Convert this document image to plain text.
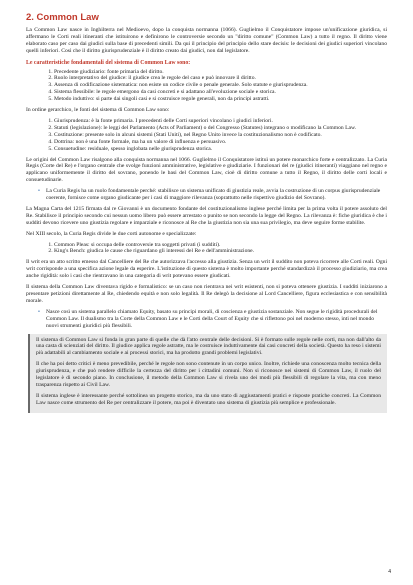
2. Common Law

La Common Law nasce in Inghilterra nel Medioevo, dopo la conquista normanna (1066). Guglielmo il Conquistatore impose un'unificazione giuridica, si affermano le Corti reali itineranti che istituirono e definirono le controversie secondo un "diritto comune" (Common Law) a tutto il regno. Il diritto viene elaborato caso per caso dai giudici sulla base di precedenti simili. Da qui il principio del principio dello stare decisis: le decisioni dei giudici superiori vincolano quelli inferiori. Così che il diritto giurisprudenziale è il diritto creato dai giudici, non dal legislatore.

Le caratteristiche fondamentali del sistema di Common Law sono:

1. Precedente giudiziario: fonte primaria del diritto.
2. Ruolo interpretativo del giudice: il giudice crea le regole del caso e può innovare il diritto.
3. Assenza di codificazione sistematica: non esiste un codice civile o penale generale. Solo statute e giurisprudenza.
4. Sistema flessibile: le regole emergono da casi concreti e si adattano all'evoluzione sociale e storica.
5. Metodo induttivo: si parte dai singoli casi e si costruisce regole generali, non da principi astratti.

In ordine gerarchico, le fonti del sistema di Common Law sono:

1. Giurisprudenza: è la fonte primaria. I precedenti delle Corti superiori vincolano i giudici inferiori.
2. Statuti (legislazione): le leggi del Parlamento (Acts of Parliament) o del Congresso (Statutes) integrano o modificano la Common Law.
3. Costituzione: presente solo in alcuni sistemi (Stati Uniti), nel Regno Unito invece la costituzionalismo non è codificato.
4. Dottrina: non è una fonte formale, ma ha un valore di influenza e persuasivo.
5. Consuetudine: residuale, spesso inglobata nelle giurisprudenza storica.

Le origini del Common Law risalgono alla conquista normanna nel 1066. Guglielmo il Conquistatore istituì un potere monarchico forte e centralizzato. La Curia Regis (Corte del Re) e l'organo centrale che svolge funzioni amministrative, legislative e giudiziarie. I funzionari del re (giudici itineranti) viaggiano nel regno e applicano uniformemente il diritto del sovrano, ponendo le basi del Common Law, cioè di diritto comune a tutto il Regno, il diritto delle corti locali e consuetudinarie.

• La Curia Regis ha un ruolo fondamentale perché: stabilisce un sistema unificato di giustizia reale, avvia la costruzione di un corpus giurisprudenziale coerente, fornisce come organo giudicante per i casi di maggiore rilevanza (soprattutto nelle rispettivo giudizio del Sovrano).

La Magna Carta del 1215 firmata dal re Giovanni è un documento fondante del costituzionalismo inglese perché limita per la prima volta il potere assoluto del Re. Stabilisce il principio secondo cui nessun uomo libero può essere arrestato o punito se non secondo la legge del Regno. La rilevanza è: fiche giuridica è che i sudditi devono ricevere uno giustizia regolare e imparziale e riconosce al Re che la giustizia non sia una sua privilegio, ma deve seguire forme stabilite.

Nel XIII secolo, la Curia Regis divide le due corti autonome e specializzate:

1. Common Pleas: si occupa delle controversie tra soggetti privati (i sudditi).
2. King's Bench: giudica le cause che riguardano gli interessi del Re e dell'amministrazione.

Il writ era un atto scritto emesso dal Cancelliere del Re che autorizzava l'accesso alla giustizia. Senza un writ il suddito non poteva ricorrere alle Corti reali. Ogni writ corrisponde a una specifica azione legale da esperire. L'istituzione di questo sistema è molto importante perché standardizzò il processo giudiziario, ma crea anche rigidità: solo i casi che rientravano in una categoria di writ potevano essere giudicati.

Il sistema della Common Law diventava rigido e formalistico: se un caso non rientrava nei writ esistenti, non si poteva ottenere giustizia. I sudditi iniziarono a presentare petizioni direttamente al Re, chiedendo equità e non solo legalità. Il Re delegò la decisione al Lord Cancelliere, figura ecclesiastica e con sensibilità morale.

• Nasce così un sistema parallelo chiamato Equity, basato su principi morali, di coscienza e giustizia sostanziale. Non segue le rigidità procedurali del Common Law. Il dualismo tra la Corte della Common Law e le Corti della Court of Equity che si riflettono poi nel moderno stesso, inti nel mondo nuovi strumenti giuridici più flessibili.

Il sistema di Common Law si fonda in gran parte di quelle che dà l'atto centrale delle decisioni. Si è formato sulle regole nelle corti, ma non dall'alto da una casta di scienziati del diritto. Il giudice applica regole astratte, ma le costruisce induttivamente dai casi concreti della società. Questo ha reso i sistemi più adattabili al cambiamento sociale e ai processi storici, ma ha prodotto grandi problemi legislativi.

Il che ha poi detto critici è meno prevedibile, perché le regole non sono contenute in un corpo unico. Inoltre, richiede una conoscenza molto tecnica della giurisprudenza, e che può rendere difficile la certezza del diritto per i cittadini comuni. Non si riconosce nei sistemi di Common Law, il ruolo del legislatore è di secondo piano. In conclusione, il metodo della Common Law si rivela uno dei modi più flessibili di regolare la vita, ma con meno trasparenza rispetto ai Civil Law.

Il sistema inglese è interessante perché sottolinea un progetto storico, ma da uno stato di aggiustamenti pratici e risposte pratiche concreti. La Common Law nasce come strumento del Re per centralizzare il potere, ma poi è diventato uno sistema di giustizia più semplice e professionale.

4
